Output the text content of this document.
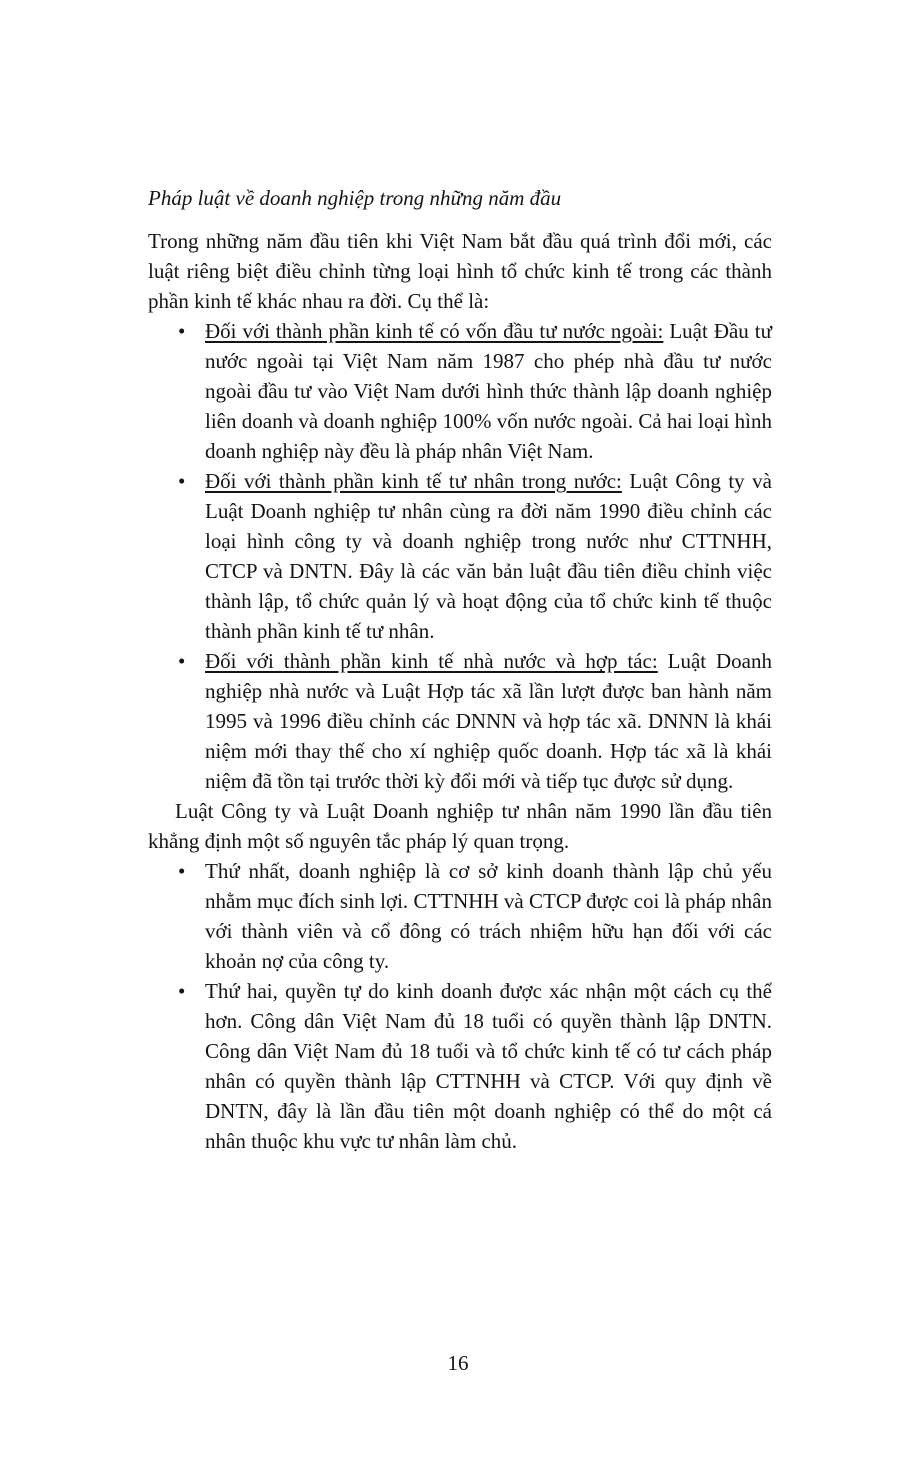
Pháp luật về doanh nghiệp trong những năm đầu

Trong những năm đầu tiên khi Việt Nam bắt đầu quá trình đổi mới, các luật riêng biệt điều chỉnh từng loại hình tổ chức kinh tế trong các thành phần kinh tế khác nhau ra đời. Cụ thể là:

• Đối với thành phần kinh tế có vốn đầu tư nước ngoài: Luật Đầu tư nước ngoài tại Việt Nam năm 1987 cho phép nhà đầu tư nước ngoài đầu tư vào Việt Nam dưới hình thức thành lập doanh nghiệp liên doanh và doanh nghiệp 100% vốn nước ngoài. Cả hai loại hình doanh nghiệp này đều là pháp nhân Việt Nam.
• Đối với thành phần kinh tế tư nhân trong nước: Luật Công ty và Luật Doanh nghiệp tư nhân cùng ra đời năm 1990 điều chỉnh các loại hình công ty và doanh nghiệp trong nước như CTTNHH, CTCP và DNTN. Đây là các văn bản luật đầu tiên điều chỉnh việc thành lập, tổ chức quản lý và hoạt động của tổ chức kinh tế thuộc thành phần kinh tế tư nhân.
• Đối với thành phần kinh tế nhà nước và hợp tác: Luật Doanh nghiệp nhà nước và Luật Hợp tác xã lần lượt được ban hành năm 1995 và 1996 điều chỉnh các DNNN và hợp tác xã. DNNN là khái niệm mới thay thế cho xí nghiệp quốc doanh. Hợp tác xã là khái niệm đã tồn tại trước thời kỳ đổi mới và tiếp tục được sử dụng.

Luật Công ty và Luật Doanh nghiệp tư nhân năm 1990 lần đầu tiên khẳng định một số nguyên tắc pháp lý quan trọng.

• Thứ nhất, doanh nghiệp là cơ sở kinh doanh thành lập chủ yếu nhằm mục đích sinh lợi. CTTNHH và CTCP được coi là pháp nhân với thành viên và cổ đông có trách nhiệm hữu hạn đối với các khoản nợ của công ty.
• Thứ hai, quyền tự do kinh doanh được xác nhận một cách cụ thể hơn. Công dân Việt Nam đủ 18 tuổi có quyền thành lập DNTN. Công dân Việt Nam đủ 18 tuổi và tổ chức kinh tế có tư cách pháp nhân có quyền thành lập CTTNHH và CTCP. Với quy định về DNTN, đây là lần đầu tiên một doanh nghiệp có thể do một cá nhân thuộc khu vực tư nhân làm chủ.
16
